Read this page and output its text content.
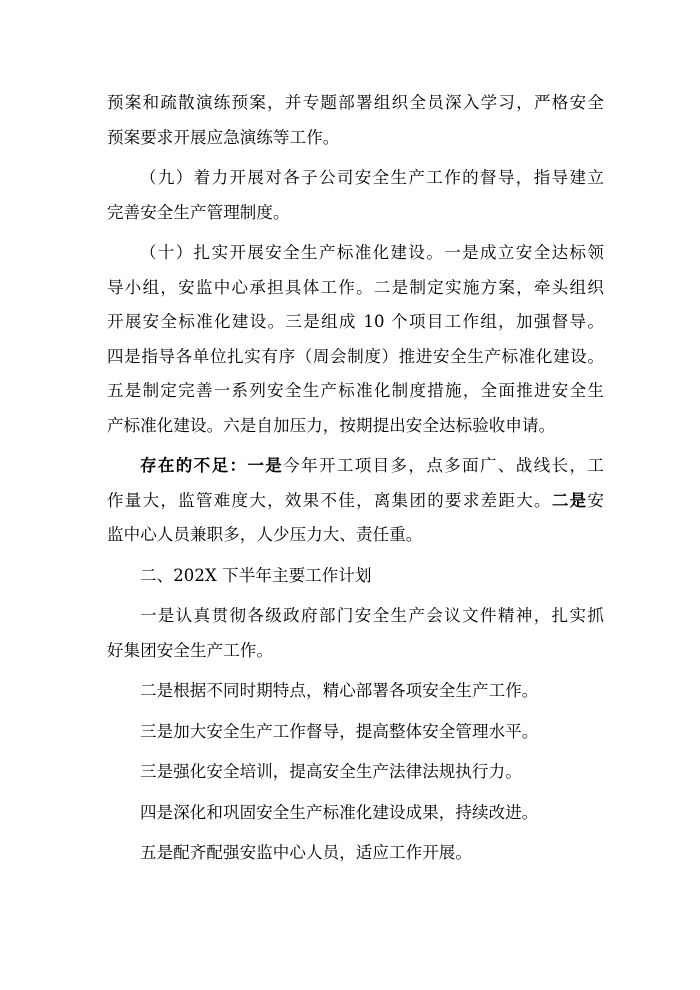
预案和疏散演练预案，并专题部署组织全员深入学习，严格安全
预案要求开展应急演练等工作。
（九）着力开展对各子公司安全生产工作的督导，指导建立
完善安全生产管理制度。
（十）扎实开展安全生产标准化建设。一是成立安全达标领
导小组，安监中心承担具体工作。二是制定实施方案，牵头组织
开展安全标准化建设。三是组成 10 个项目工作组，加强督导。
四是指导各单位扎实有序（周会制度）推进安全生产标准化建设。
五是制定完善一系列安全生产标准化制度措施，全面推进安全生
产标准化建设。六是自加压力，按期提出安全达标验收申请。
存在的不足：一是今年开工项目多，点多面广、战线长，工
作量大，监管难度大，效果不佳，离集团的要求差距大。二是安
监中心人员兼职多，人少压力大、责任重。
二、202X 下半年主要工作计划
一是认真贯彻各级政府部门安全生产会议文件精神，扎实抓
好集团安全生产工作。
二是根据不同时期特点，精心部署各项安全生产工作。
三是加大安全生产工作督导，提高整体安全管理水平。
三是强化安全培训，提高安全生产法律法规执行力。
四是深化和巩固安全生产标准化建设成果，持续改进。
五是配齐配强安监中心人员，适应工作开展。
